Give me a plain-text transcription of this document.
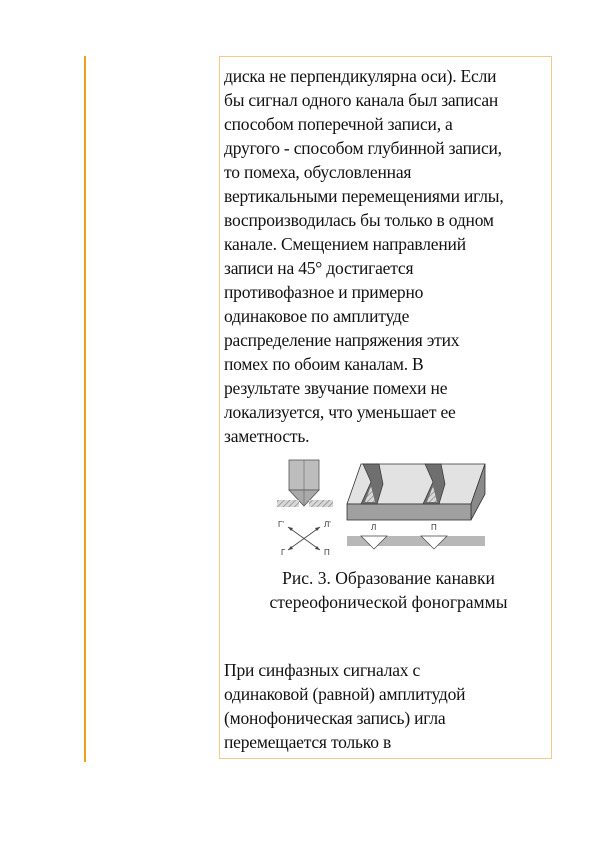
диска не перпендикулярна оси). Если
бы сигнал одного канала был записан
способом поперечной записи, а
другого - способом глубинной записи,
то помеха, обусловленная
вертикальными перемещениями иглы,
воспроизводилась бы только в одном
канале. Смещением направлений
записи на 45° достигается
противофазное и примерно
одинаковое по амплитуде
распределение напряжения этих
помех по обоим каналам. В
результате звучание помехи не
локализуется, что уменьшает ее
заметность.
Г'	Л'
Г	П
Л	П
Рис. 3. Образование канавки
стереофонической фонограммы
При синфазных сигналах с
одинаковой (равной) амплитудой
(монофоническая запись) игла
перемещается только в
